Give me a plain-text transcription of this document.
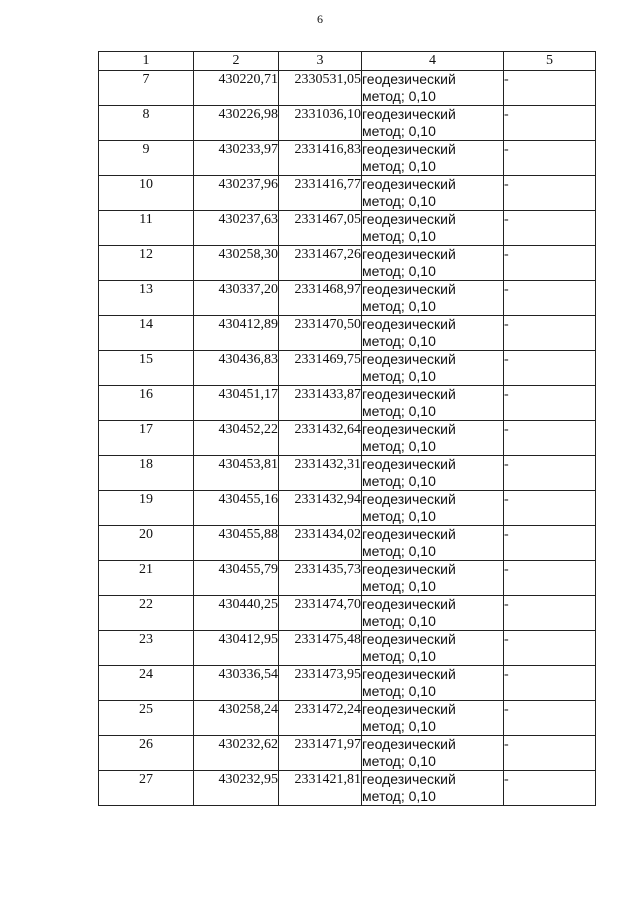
6
1	2	3	4	5
7	430220,71	2330531,05	геодезический
метод; 0,10	-
8	430226,98	2331036,10	геодезический
метод; 0,10	-
9	430233,97	2331416,83	геодезический
метод; 0,10	-
10	430237,96	2331416,77	геодезический
метод; 0,10	-
11	430237,63	2331467,05	геодезический
метод; 0,10	-
12	430258,30	2331467,26	геодезический
метод; 0,10	-
13	430337,20	2331468,97	геодезический
метод; 0,10	-
14	430412,89	2331470,50	геодезический
метод; 0,10	-
15	430436,83	2331469,75	геодезический
метод; 0,10	-
16	430451,17	2331433,87	геодезический
метод; 0,10	-
17	430452,22	2331432,64	геодезический
метод; 0,10	-
18	430453,81	2331432,31	геодезический
метод; 0,10	-
19	430455,16	2331432,94	геодезический
метод; 0,10	-
20	430455,88	2331434,02	геодезический
метод; 0,10	-
21	430455,79	2331435,73	геодезический
метод; 0,10	-
22	430440,25	2331474,70	геодезический
метод; 0,10	-
23	430412,95	2331475,48	геодезический
метод; 0,10	-
24	430336,54	2331473,95	геодезический
метод; 0,10	-
25	430258,24	2331472,24	геодезический
метод; 0,10	-
26	430232,62	2331471,97	геодезический
метод; 0,10	-
27	430232,95	2331421,81	геодезический
метод; 0,10	-
